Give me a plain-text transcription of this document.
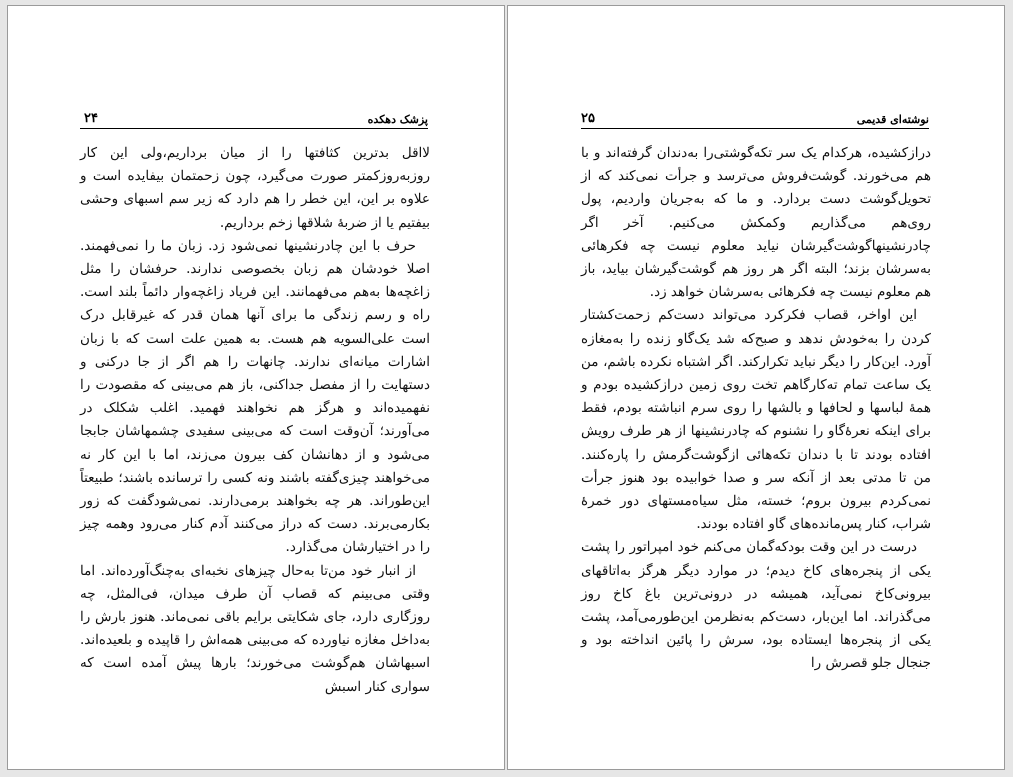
۲۴	پزشک دهکده

لااقل بدترین کثافتها را از میان برداریم،ولی این کار روزبه‌روزکمتر صورت می‌گیرد، چون زحمتمان بیفایده است و علاوه بر این، این خطر را هم دارد که زیر سم اسبهای وحشی بیفتیم یا از ضربهٔ شلاقها زخم برداریم.

حرف با این چادرنشینها نمی‌شود زد. زبان ما را نمی‌فهمند. اصلا خودشان هم زبان بخصوصی ندارند. حرفشان را مثل زاغچه‌ها به‌هم می‌فهمانند. این فریاد زاغچه‌وار دائماً بلند است. راه و رسم زندگی ما برای آنها همان قدر که غیرقابل درک است علی‌السویه هم هست. به همین علت است که با زبان اشارات میانه‌ای ندارند. چانهات را هم اگر از جا درکنی و دستهایت را از مفصل جداکنی، باز هم می‌بینی که مقصودت را نفهمیده‌اند و هرگز هم نخواهند فهمید. اغلب شکلک در می‌آورند؛ آن‌وقت است که می‌بینی سفیدی چشمهاشان جابجا می‌شود و از دهانشان کف بیرون می‌زند، اما با این کار نه می‌خواهند چیزی‌گفته باشند ونه کسی را ترسانده باشند؛ طبیعتاً این‌طوراند. هر چه بخواهند برمی‌دارند. نمی‌شودگفت که زور بکارمی‌برند. دست که دراز می‌کنند آدم کنار می‌رود وهمه چیز را در اختیارشان می‌گذارد.

از انبار خود من‌تا به‌حال چیزهای نخبه‌ای به‌چنگ‌آورده‌اند. اما وقتی می‌بینم که قصاب آن طرف میدان، فی‌المثل، چه روزگاری دارد، جای شکایتی برایم باقی نمی‌ماند. هنوز بارش را به‌داخل مغازه نیاورده که می‌بینی همه‌اش را قاپیده و بلعیده‌اند. اسبهاشان هم‌گوشت می‌خورند؛ بارها پیش آمده است که سواری کنار اسبش

۲۵	نوشته‌ای قدیمی

درازکشیده، هرکدام یک سر تکه‌گوشتی‌را به‌دندان گرفته‌اند و با هم می‌خورند. گوشت‌فروش می‌ترسد و جرأت نمی‌کند که از تحویل‌گوشت دست بردارد. و ما که به‌جریان واردیم، پول روی‌هم می‌گذاریم وکمکش می‌کنیم. آخر اگر چادرنشینهاگوشت‌گیرشان نیاید معلوم نیست چه فکرهائی به‌سرشان بزند؛ البته اگر هر روز هم گوشت‌گیرشان بیاید، باز هم معلوم نیست چه فکرهائی به‌سرشان خواهد زد.

این اواخر، قصاب فکرکرد می‌تواند دست‌کم زحمت‌کشتار کردن را به‌خودش ندهد و صبح‌که شد یک‌گاو زنده را به‌مغازه آورد. این‌کار را دیگر نباید تکرارکند. اگر اشتباه نکرده باشم، من یک ساعت تمام ته‌کارگاهم تخت روی زمین درازکشیده بودم و همهٔ لباسها و لحافها و بالشها را روی سرم انباشته بودم، فقط برای اینکه نعرهٔ‌گاو را نشنوم که چادرنشینها از هر طرف رویش افتاده بودند تا با دندان تکه‌هائی ازگوشت‌گرمش را پاره‌کنند. من تا مدتی بعد از آنکه سر و صدا خوابیده بود هنوز جرأت نمی‌کردم بیرون بروم؛ خسته، مثل سیاه‌مستهای دور خمرهٔ شراب، کنار پس‌مانده‌های گاو افتاده بودند.

درست در این وقت بودکه‌گمان می‌کنم خود امپراتور را پشت یکی از پنجره‌های کاخ دیدم؛ در موارد دیگر هرگز به‌اتاقهای بیرونی‌کاخ نمی‌آید، همیشه در درونی‌ترین باغ کاخ روز می‌گذراند. اما این‌بار، دست‌کم به‌نظرمن این‌طورمی‌آمد، پشت یکی از پنجره‌ها ایستاده بود، سرش را پائین انداخته بود و جنجال جلو قصرش را
